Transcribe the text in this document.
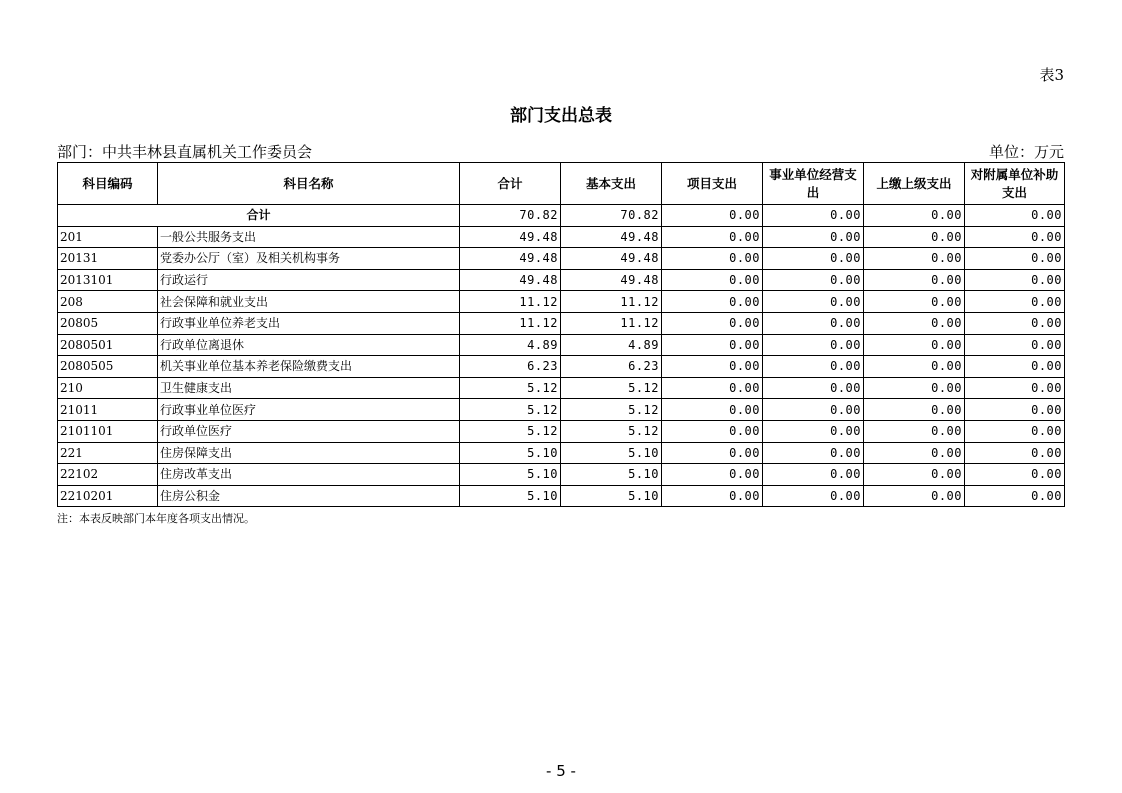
表3
部门支出总表
部门：中共丰林县直属机关工作委员会	单位：万元
科目编码	科目名称	合计	基本支出	项目支出	事业单位经营支出	上缴上级支出	对附属单位补助支出
合计		70.82	70.82	0.00	0.00	0.00	0.00
201	一般公共服务支出	49.48	49.48	0.00	0.00	0.00	0.00
20131	党委办公厅（室）及相关机构事务	49.48	49.48	0.00	0.00	0.00	0.00
2013101	行政运行	49.48	49.48	0.00	0.00	0.00	0.00
208	社会保障和就业支出	11.12	11.12	0.00	0.00	0.00	0.00
20805	行政事业单位养老支出	11.12	11.12	0.00	0.00	0.00	0.00
2080501	行政单位离退休	4.89	4.89	0.00	0.00	0.00	0.00
2080505	机关事业单位基本养老保险缴费支出	6.23	6.23	0.00	0.00	0.00	0.00
210	卫生健康支出	5.12	5.12	0.00	0.00	0.00	0.00
21011	行政事业单位医疗	5.12	5.12	0.00	0.00	0.00	0.00
2101101	行政单位医疗	5.12	5.12	0.00	0.00	0.00	0.00
221	住房保障支出	5.10	5.10	0.00	0.00	0.00	0.00
22102	住房改革支出	5.10	5.10	0.00	0.00	0.00	0.00
2210201	住房公积金	5.10	5.10	0.00	0.00	0.00	0.00
注：本表反映部门本年度各项支出情况。
- 5 -
